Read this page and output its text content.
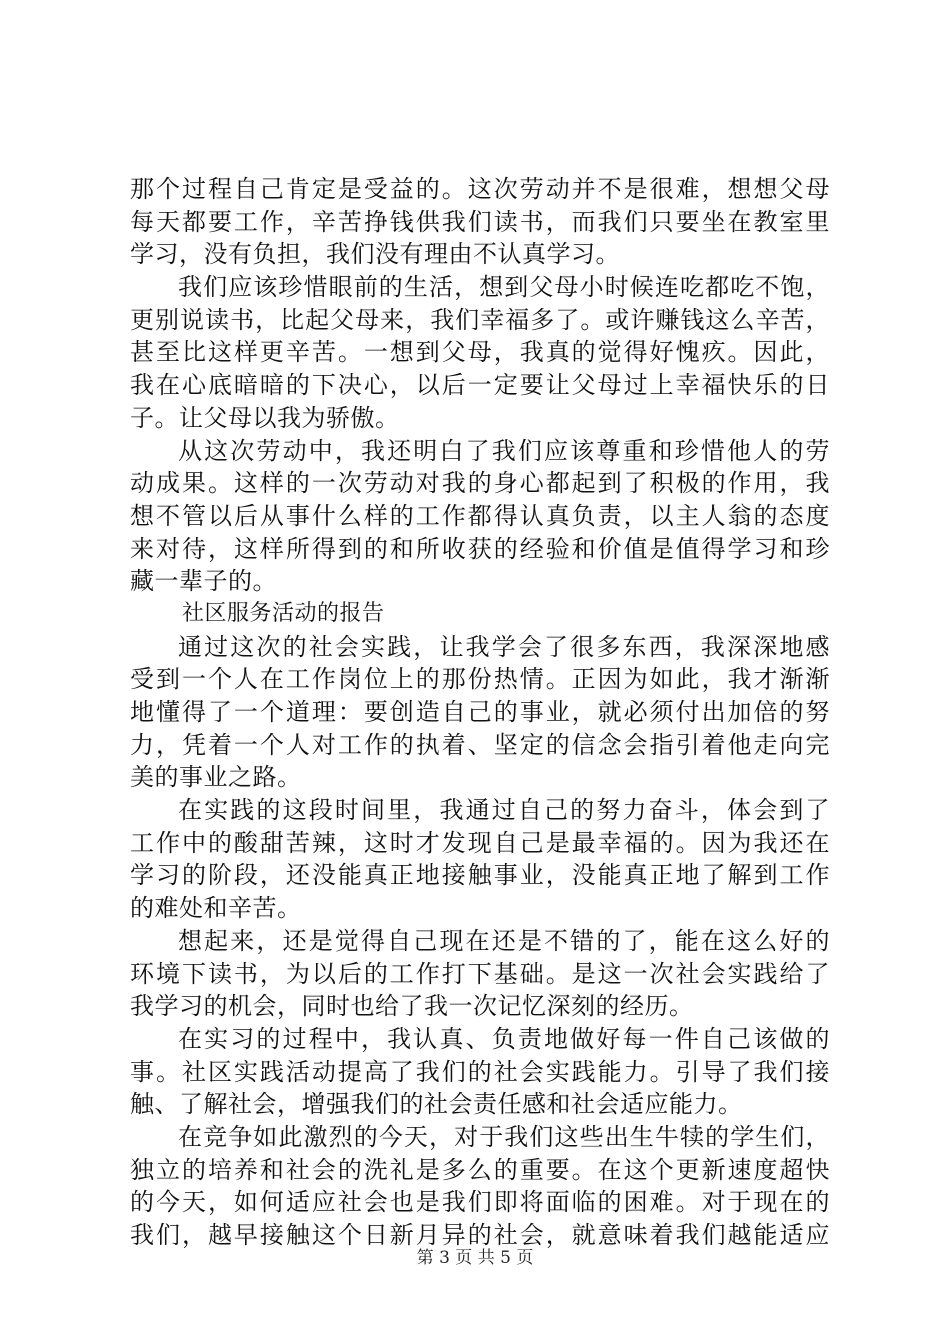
那个过程自己肯定是受益的。这次劳动并不是很难，想想父母
每天都要工作，辛苦挣钱供我们读书，而我们只要坐在教室里
学习，没有负担，我们没有理由不认真学习。
我们应该珍惜眼前的生活，想到父母小时候连吃都吃不饱，
更别说读书，比起父母来，我们幸福多了。或许赚钱这么辛苦，
甚至比这样更辛苦。一想到父母，我真的觉得好愧疚。因此，
我在心底暗暗的下决心，以后一定要让父母过上幸福快乐的日
子。让父母以我为骄傲。
从这次劳动中，我还明白了我们应该尊重和珍惜他人的劳
动成果。这样的一次劳动对我的身心都起到了积极的作用，我
想不管以后从事什么样的工作都得认真负责，以主人翁的态度
来对待，这样所得到的和所收获的经验和价值是值得学习和珍
藏一辈子的。
社区服务活动的报告
通过这次的社会实践，让我学会了很多东西，我深深地感
受到一个人在工作岗位上的那份热情。正因为如此，我才渐渐
地懂得了一个道理：要创造自己的事业，就必须付出加倍的努
力，凭着一个人对工作的执着、坚定的信念会指引着他走向完
美的事业之路。
在实践的这段时间里，我通过自己的努力奋斗，体会到了
工作中的酸甜苦辣，这时才发现自己是最幸福的。因为我还在
学习的阶段，还没能真正地接触事业，没能真正地了解到工作
的难处和辛苦。
想起来，还是觉得自己现在还是不错的了，能在这么好的
环境下读书，为以后的工作打下基础。是这一次社会实践给了
我学习的机会，同时也给了我一次记忆深刻的经历。
在实习的过程中，我认真、负责地做好每一件自己该做的
事。社区实践活动提高了我们的社会实践能力。引导了我们接
触、了解社会，增强我们的社会责任感和社会适应能力。
在竞争如此激烈的今天，对于我们这些出生牛犊的学生们，
独立的培养和社会的洗礼是多么的重要。在这个更新速度超快
的今天，如何适应社会也是我们即将面临的困难。对于现在的
我们，越早接触这个日新月异的社会，就意味着我们越能适应
第 3 页 共 5 页
